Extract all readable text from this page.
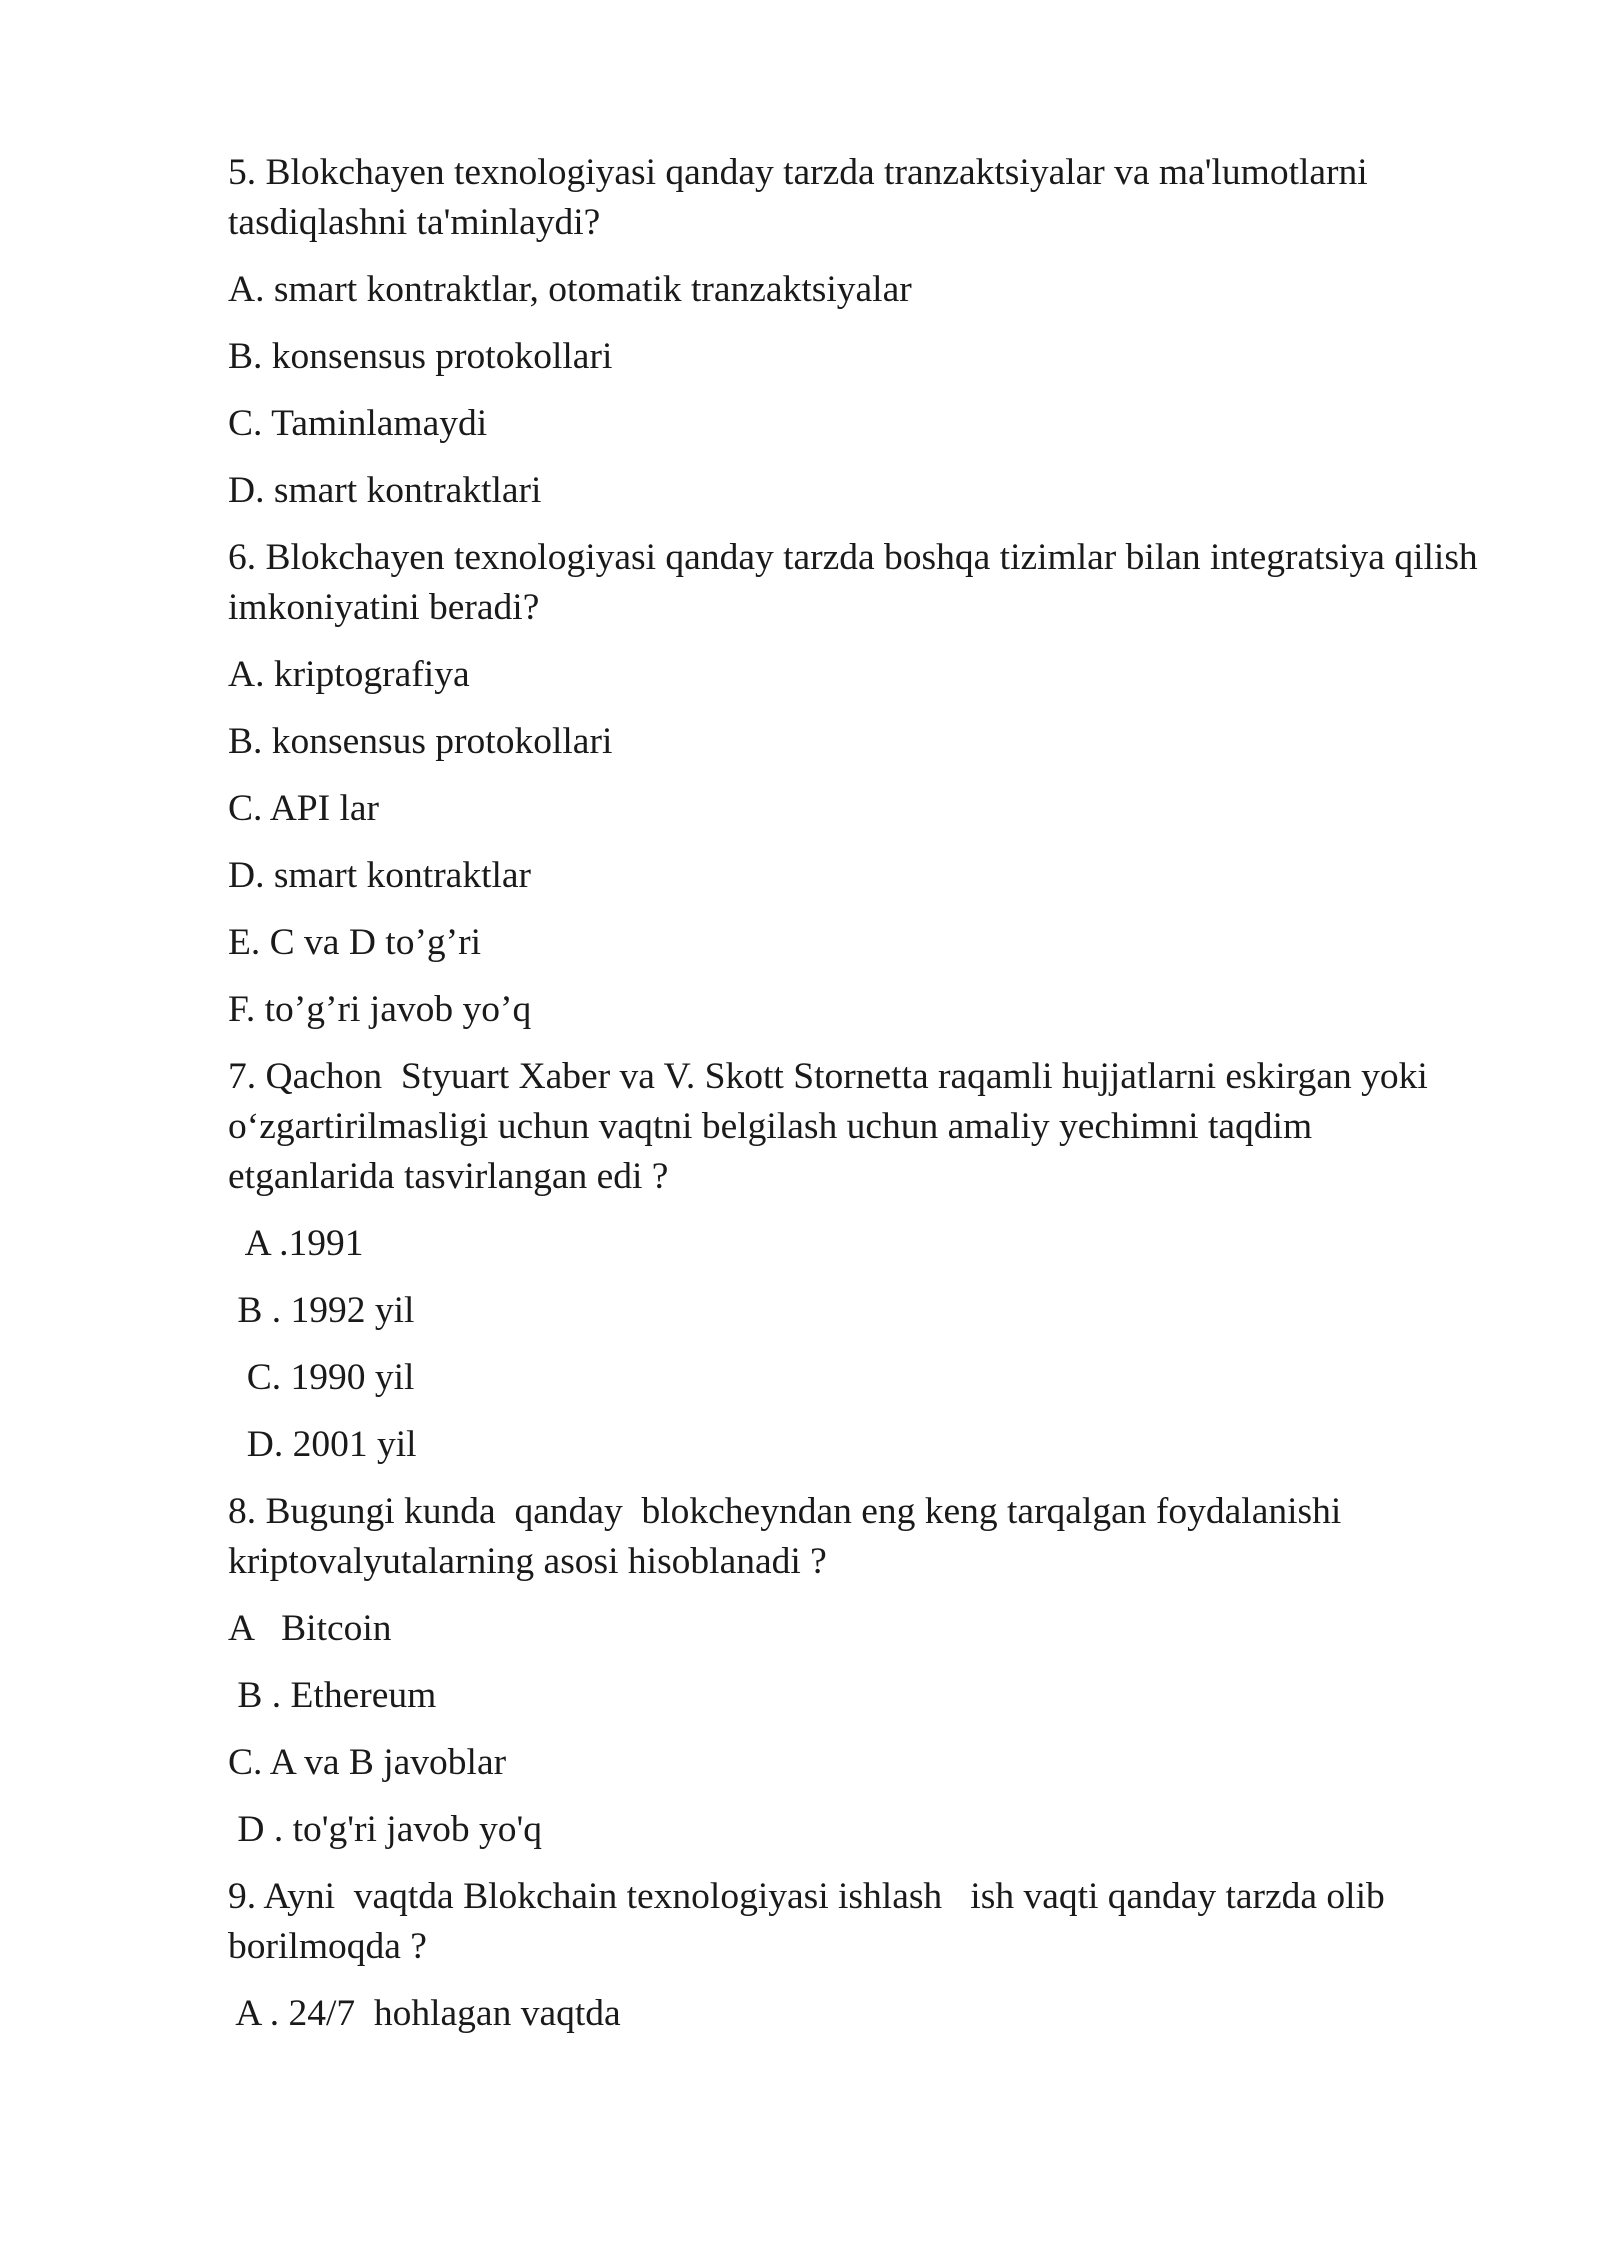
5. Blokchayen texnologiyasi qanday tarzda tranzaktsiyalar va ma'lumotlarni
tasdiqlashni ta'minlaydi?

A. smart kontraktlar, otomatik tranzaktsiyalar

B. konsensus protokollari

C. Taminlamaydi

D. smart kontraktlari

6. Blokchayen texnologiyasi qanday tarzda boshqa tizimlar bilan integratsiya qilish
imkoniyatini beradi?

A. kriptografiya

B. konsensus protokollari

C. API lar

D. smart kontraktlar

E. C va D to’g’ri

F. to’g’ri javob yo’q

7. Qachon  Styuart Xaber va V. Skott Stornetta raqamli hujjatlarni eskirgan yoki
oʻzgartirilmasligi uchun vaqtni belgilash uchun amaliy yechimni taqdim
etganlarida tasvirlangan edi ?

A .1991

B . 1992 yil

C. 1990 yil

D. 2001 yil

8. Bugungi kunda  qanday  blokcheyndan eng keng tarqalgan foydalanishi
kriptovalyutalarning asosi hisoblanadi ?

A   Bitcoin

B . Ethereum

C. A va B javoblar

D . to'g'ri javob yo'q

9. Ayni  vaqtda Blokchain texnologiyasi ishlash   ish vaqti qanday tarzda olib
borilmoqda ?

A . 24/7  hohlagan vaqtda
